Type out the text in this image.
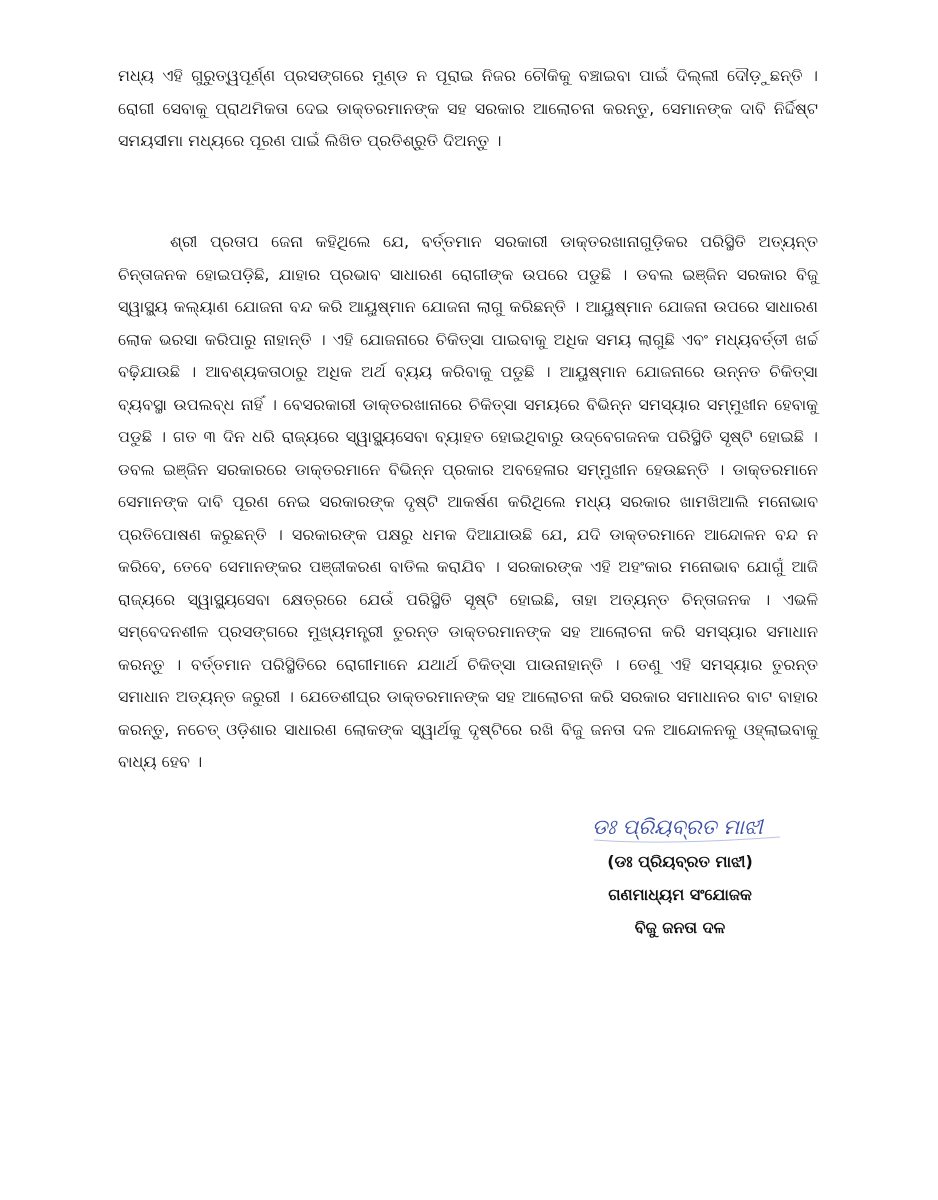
ମଧ୍ୟ ଏହି ଗୁରୁତ୍ୱପୂର୍ଣ୍ଣ ପ୍ରସଙ୍ଗରେ ମୁଣ୍ଡ ନ ପୂରାଇ ନିଜର ଚୌକିକୁ ବଞ୍ଚାଇବା ପାଇଁ ଦିଲ୍ଲୀ ଦୌଡ଼ୁଛନ୍ତି । ରୋଗୀ ସେବାକୁ ପ୍ରାଥମିକତା ଦେଇ ଡାକ୍ତରମାନଙ୍କ ସହ ସରକାର ଆଲୋଚନା କରନ୍ତୁ, ସେମାନଙ୍କ ଦାବି ନିର୍ଦ୍ଦିଷ୍ଟ ସମୟସୀମା ମଧ୍ୟରେ ପୂରଣ ପାଇଁ ଲିଖିତ ପ୍ରତିଶ୍ରୁତି ଦିଅନ୍ତୁ ।

ଶ୍ରୀ ପ୍ରତାପ ଜେନା କହିଥିଲେ ଯେ, ବର୍ତ୍ତମାନ ସରକାରୀ ଡାକ୍ତରଖାନାଗୁଡ଼ିକର ପରିସ୍ଥିତି ଅତ୍ୟନ୍ତ ଚିନ୍ତାଜନକ ହୋଇପଡ଼ିଛି, ଯାହାର ପ୍ରଭାବ ସାଧାରଣ ରୋଗୀଙ୍କ ଉପରେ ପଡୁଛି । ଡବଲ ଇଞ୍ଜିନ ସରକାର ବିଜୁ ସ୍ୱାସ୍ଥ୍ୟ କଲ୍ୟାଣ ଯୋଜନା ବନ୍ଦ କରି ଆୟୁଷ୍ମାନ ଯୋଜନା ଲାଗୁ କରିଛନ୍ତି । ଆୟୁଷ୍ମାନ ଯୋଜନା ଉପରେ ସାଧାରଣ ଲୋକ ଭରସା କରିପାରୁ ନାହାନ୍ତି । ଏହି ଯୋଜନାରେ ଚିକିତ୍ସା ପାଇବାକୁ ଅଧିକ ସମୟ ଲାଗୁଛି ଏବଂ ମଧ୍ୟବର୍ତ୍ତୀ ଖର୍ଚ୍ଚ ବଢ଼ିଯାଉଛି । ଆବଶ୍ୟକତାଠାରୁ ଅଧିକ ଅର୍ଥ ବ୍ୟୟ କରିବାକୁ ପଡୁଛି । ଆୟୁଷ୍ମାନ ଯୋଜନାରେ ଉନ୍ନତ ଚିକିତ୍ସା ବ୍ୟବସ୍ଥା ଉପଲବ୍ଧ ନାହିଁ । ବେସରକାରୀ ଡାକ୍ତରଖାନାରେ ଚିକିତ୍ସା ସମୟରେ ବିଭିନ୍ନ ସମସ୍ୟାର ସମ୍ମୁଖୀନ ହେବାକୁ ପଡୁଛି । ଗତ ୩ ଦିନ ଧରି ରାଜ୍ୟରେ ସ୍ୱାସ୍ଥ୍ୟସେବା ବ୍ୟାହତ ହୋଇଥିବାରୁ ଉଦ୍‌ବେଗଜନକ ପରିସ୍ଥିତି ସୃଷ୍ଟି ହୋଇଛି । ଡବଲ ଇଞ୍ଜିନ ସରକାରରେ ଡାକ୍ତରମାନେ ବିଭିନ୍ନ ପ୍ରକାର ଅବହେଳାର ସମ୍ମୁଖୀନ ହେଉଛନ୍ତି । ଡାକ୍ତରମାନେ ସେମାନଙ୍କ ଦାବି ପୂରଣ ନେଇ ସରକାରଙ୍କ ଦୃଷ୍ଟି ଆକର୍ଷଣ କରିଥିଲେ ମଧ୍ୟ ସରକାର ଖାମଖିଆଲି ମନୋଭାବ ପ୍ରତିପୋଷଣ କରୁଛନ୍ତି । ସରକାରଙ୍କ ପକ୍ଷରୁ ଧମକ ଦିଆଯାଉଛି ଯେ, ଯଦି ଡାକ୍ତରମାନେ ଆନ୍ଦୋଳନ ବନ୍ଦ ନ କରିବେ, ତେବେ ସେମାନଙ୍କର ପଞ୍ଜୀକରଣ ବାତିଲ କରାଯିବ । ସରକାରଙ୍କ ଏହି ଅହଂକାର ମନୋଭାବ ଯୋଗୁଁ ଆଜି ରାଜ୍ୟରେ ସ୍ୱାସ୍ଥ୍ୟସେବା କ୍ଷେତ୍ରରେ ଯେଉଁ ପରିସ୍ଥିତି ସୃଷ୍ଟି ହୋଇଛି, ତାହା ଅତ୍ୟନ୍ତ ଚିନ୍ତାଜନକ । ଏଭଳି ସମ୍ବେଦନଶୀଳ ପ୍ରସଙ୍ଗରେ ମୁଖ୍ୟମନ୍ତ୍ରୀ ତୁରନ୍ତ ଡାକ୍ତରମାନଙ୍କ ସହ ଆଲୋଚନା କରି ସମସ୍ୟାର ସମାଧାନ କରନ୍ତୁ । ବର୍ତ୍ତମାନ ପରିସ୍ଥିତିରେ ରୋଗୀମାନେ ଯଥାର୍ଥ ଚିକିତ୍ସା ପାଉନାହାନ୍ତି । ତେଣୁ ଏହି ସମସ୍ୟାର ତୁରନ୍ତ ସମାଧାନ ଅତ୍ୟନ୍ତ ଜରୁରୀ । ଯେତେଶୀଘ୍ର ଡାକ୍ତରମାନଙ୍କ ସହ ଆଲୋଚନା କରି ସରକାର ସମାଧାନର ବାଟ ବାହାର କରନ୍ତୁ, ନଚେତ୍ ଓଡ଼ିଶାର ସାଧାରଣ ଲୋକଙ୍କ ସ୍ୱାର୍ଥକୁ ଦୃଷ୍ଟିରେ ରଖି ବିଜୁ ଜନତା ଦଳ ଆନ୍ଦୋଳନକୁ ଓହ୍ଲାଇବାକୁ ବାଧ୍ୟ ହେବ ।

ଡଃ ପ୍ରିୟବ୍ରତ ମାଝୀ
(ଡଃ ପ୍ରିୟବ୍ରତ ମାଝୀ)
ଗଣମାଧ୍ୟମ ସଂଯୋଜକ
ବିଜୁ ଜନତା ଦଳ
